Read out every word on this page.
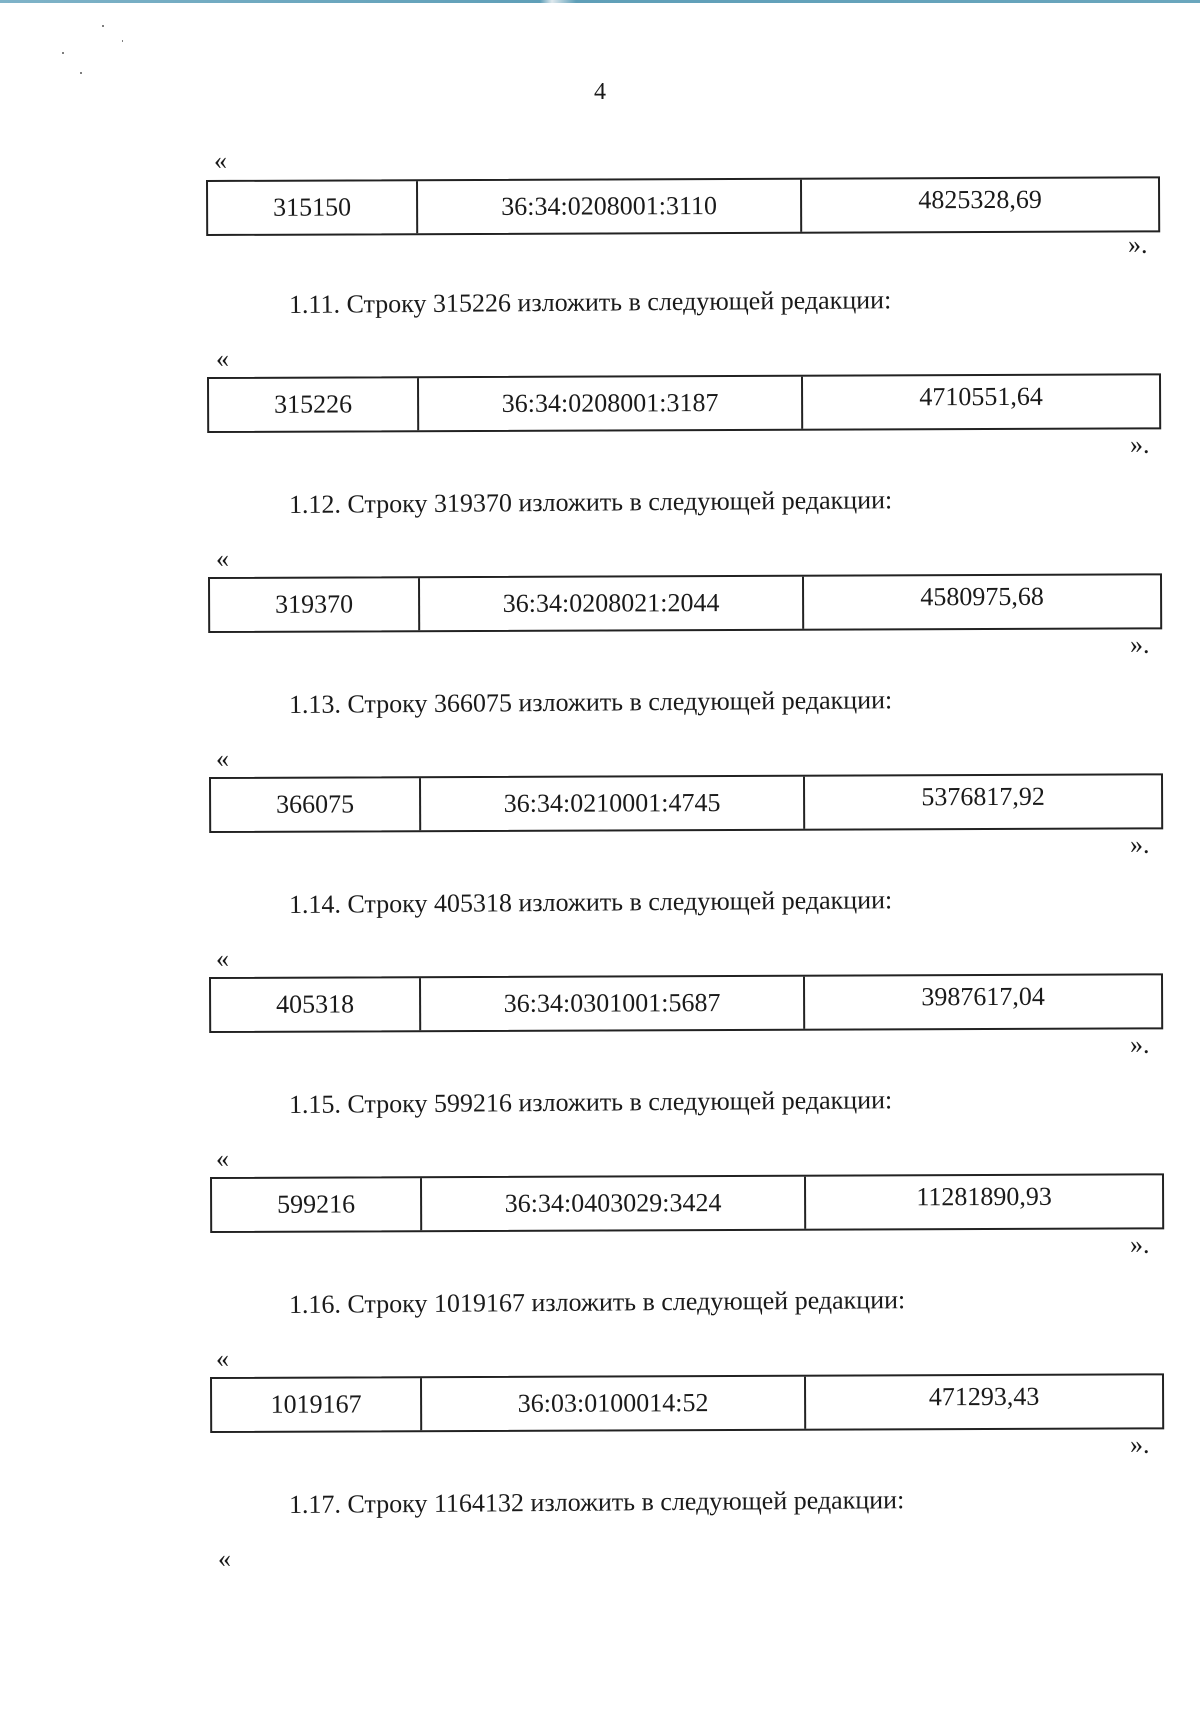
4
«
315150	36:34:0208001:3110	4825328,69
».
1.11. Строку 315226 изложить в следующей редакции:
«
315226	36:34:0208001:3187	4710551,64
».
1.12. Строку 319370 изложить в следующей редакции:
«
319370	36:34:0208021:2044	4580975,68
».
1.13. Строку 366075 изложить в следующей редакции:
«
366075	36:34:0210001:4745	5376817,92
».
1.14. Строку 405318 изложить в следующей редакции:
«
405318	36:34:0301001:5687	3987617,04
».
1.15. Строку 599216 изложить в следующей редакции:
«
599216	36:34:0403029:3424	11281890,93
».
1.16. Строку 1019167 изложить в следующей редакции:
«
1019167	36:03:0100014:52	471293,43
».
1.17. Строку 1164132 изложить в следующей редакции:
«
